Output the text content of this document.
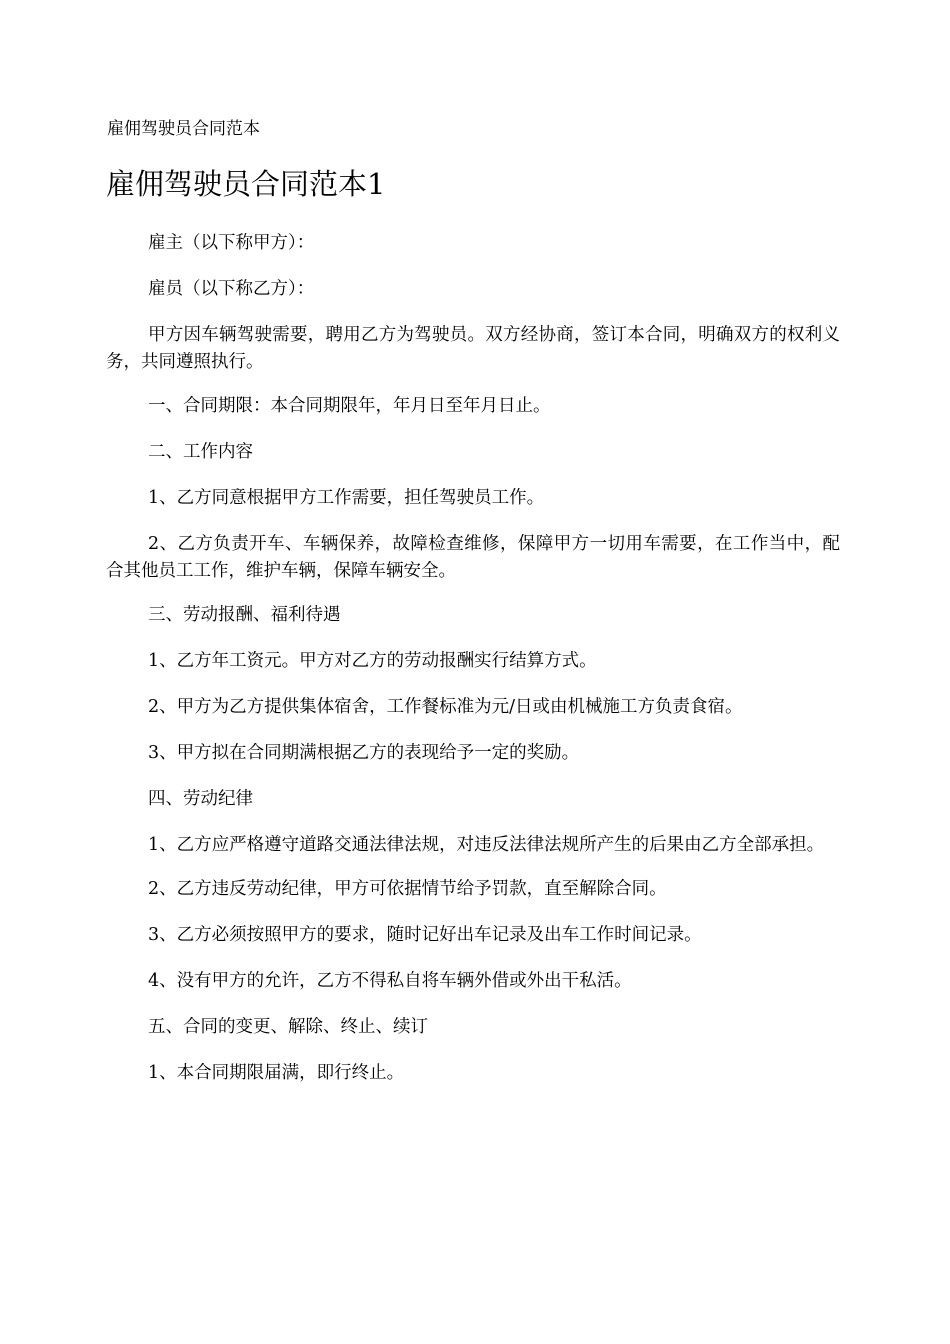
雇佣驾驶员合同范本
雇佣驾驶员合同范本1

雇主（以下称甲方）：

雇员（以下称乙方）：

甲方因车辆驾驶需要，聘用乙方为驾驶员。双方经协商，签订本合同，明确双方的权利义务，共同遵照执行。

一、合同期限：本合同期限年，年月日至年月日止。

二、工作内容

1、乙方同意根据甲方工作需要，担任驾驶员工作。

2、乙方负责开车、车辆保养，故障检查维修，保障甲方一切用车需要，在工作当中，配合其他员工工作，维护车辆，保障车辆安全。

三、劳动报酬、福利待遇

1、乙方年工资元。甲方对乙方的劳动报酬实行结算方式。

2、甲方为乙方提供集体宿舍，工作餐标准为元/日或由机械施工方负责食宿。

3、甲方拟在合同期满根据乙方的表现给予一定的奖励。

四、劳动纪律

1、乙方应严格遵守道路交通法律法规，对违反法律法规所产生的后果由乙方全部承担。

2、乙方违反劳动纪律，甲方可依据情节给予罚款，直至解除合同。

3、乙方必须按照甲方的要求，随时记好出车记录及出车工作时间记录。

4、没有甲方的允许，乙方不得私自将车辆外借或外出干私活。

五、合同的变更、解除、终止、续订

1、本合同期限届满，即行终止。
